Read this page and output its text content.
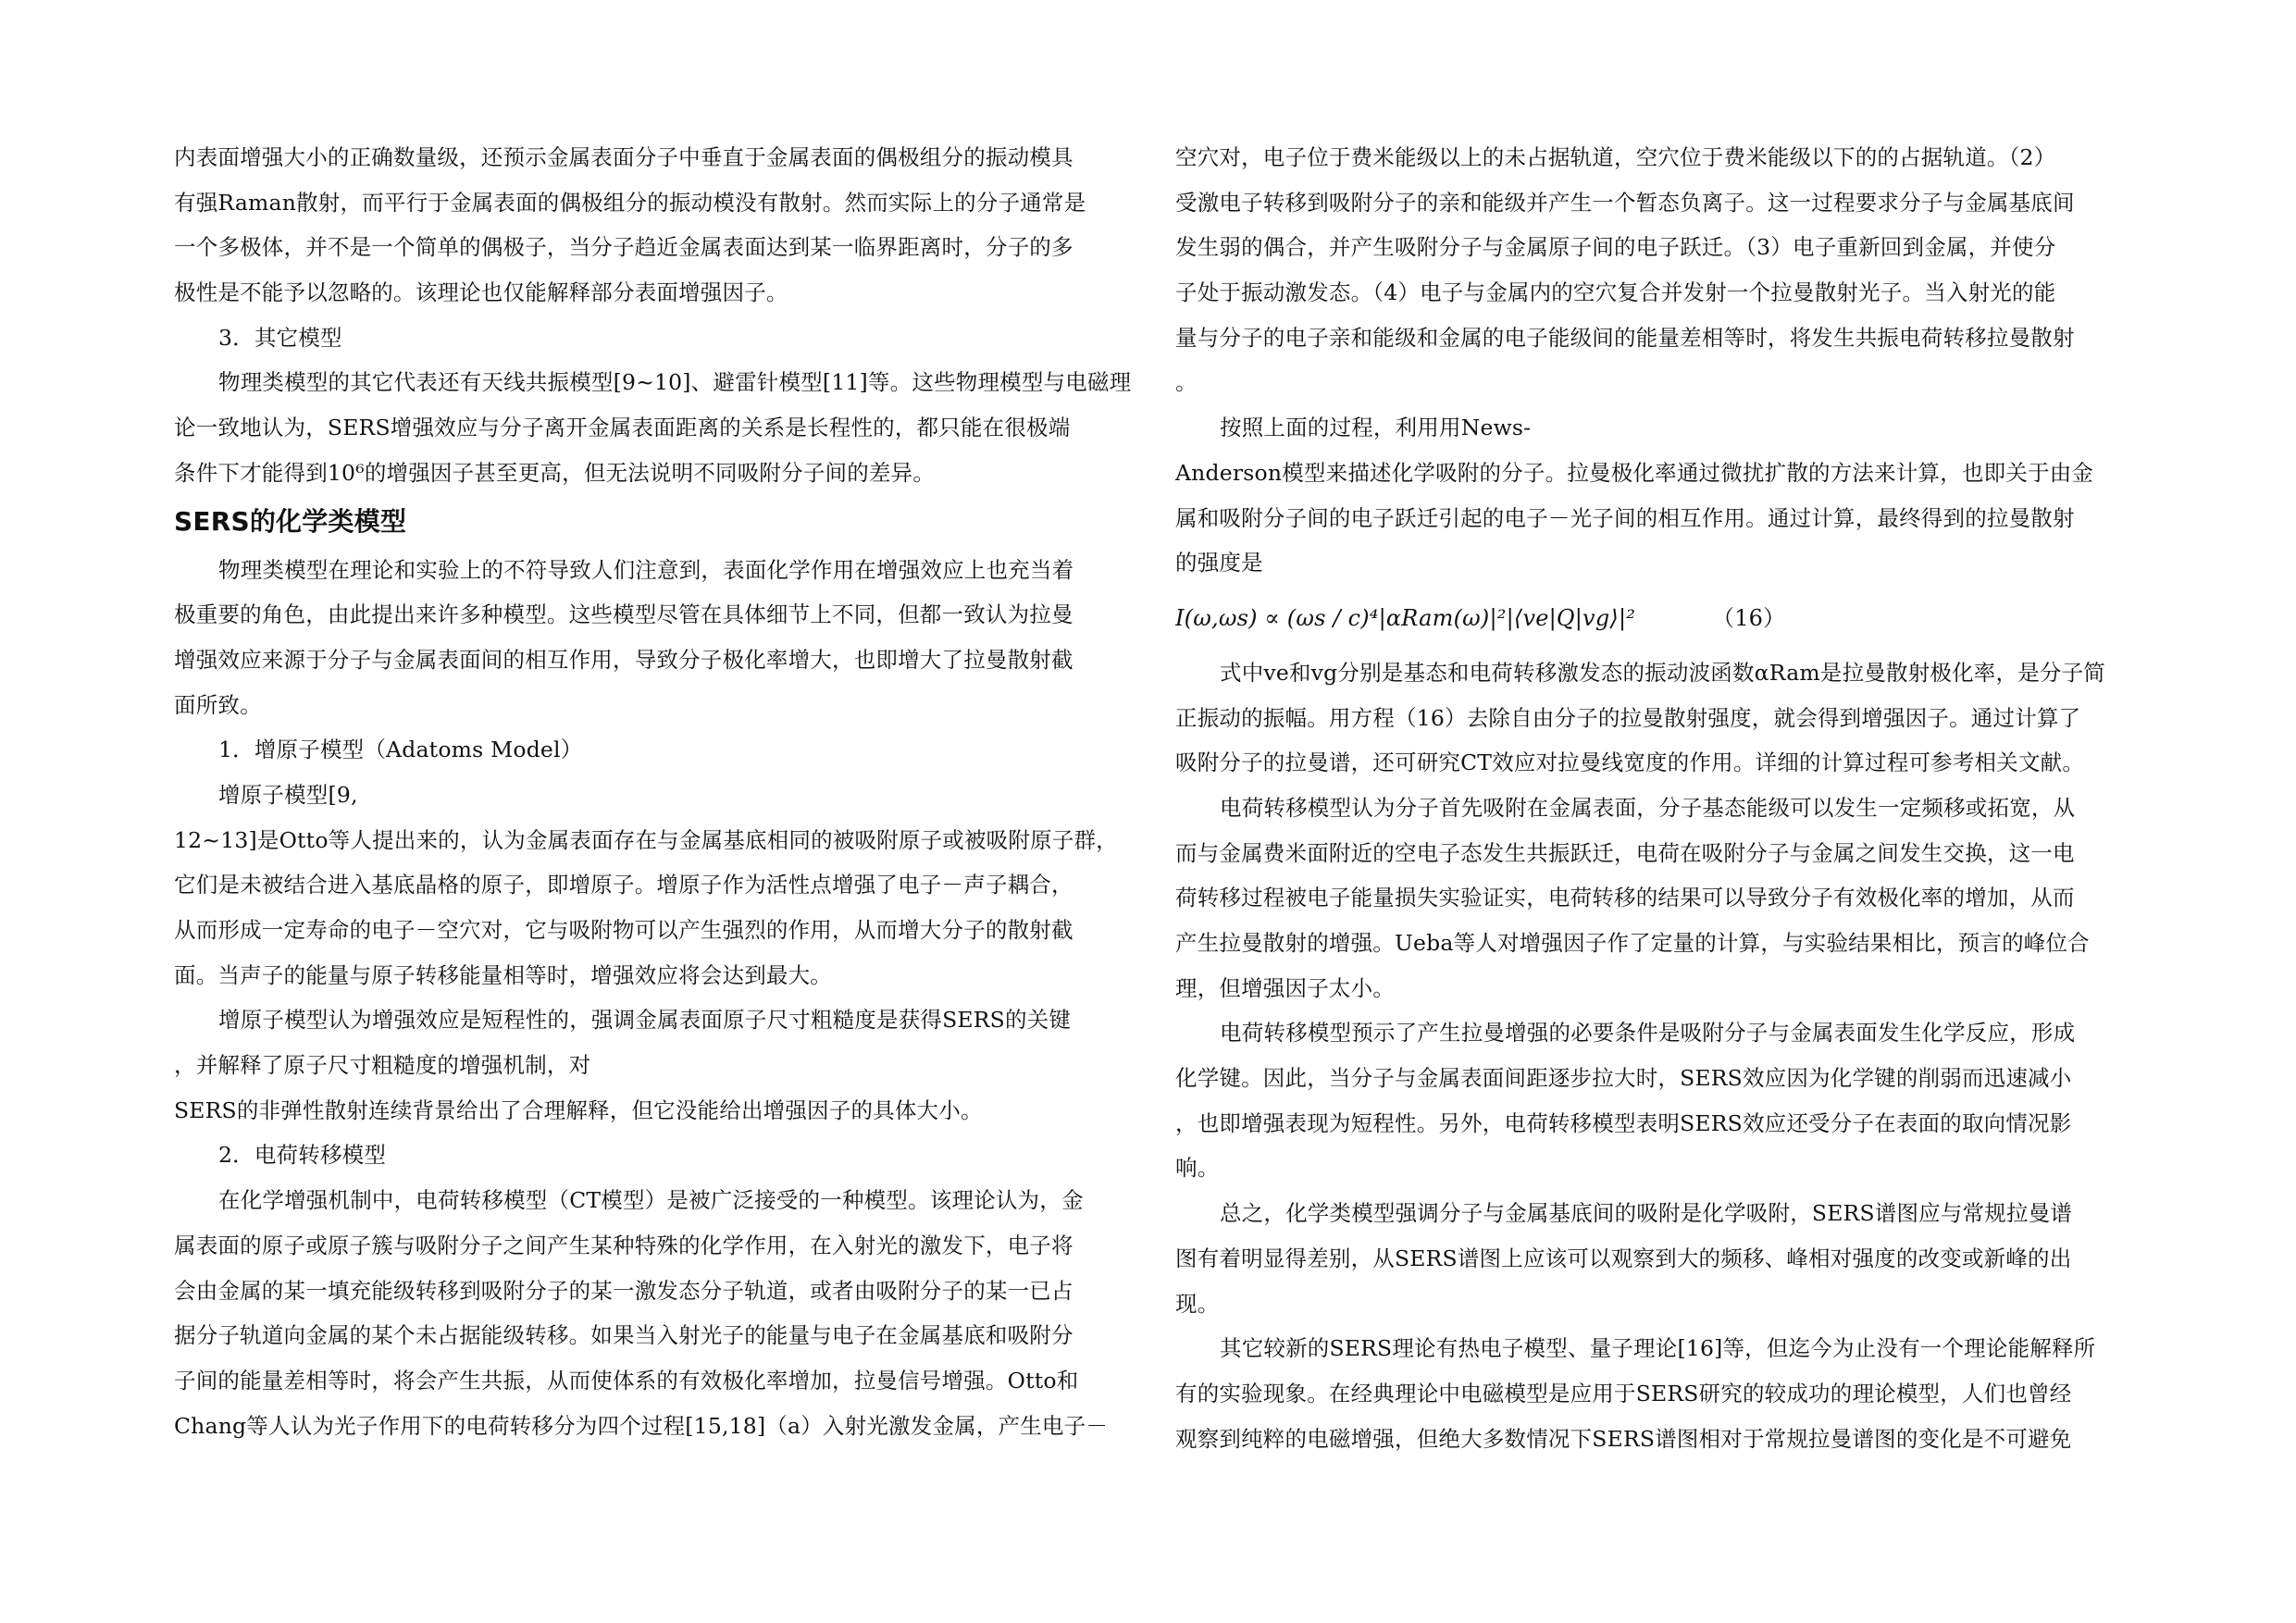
内表面增强大小的正确数量级，还预示金属表面分子中垂直于金属表面的偶极组分的振动模具
有强Raman散射，而平行于金属表面的偶极组分的振动模没有散射。然而实际上的分子通常是
一个多极体，并不是一个简单的偶极子，当分子趋近金属表面达到某一临界距离时，分子的多
极性是不能予以忽略的。该理论也仅能解释部分表面增强因子。
3．其它模型
物理类模型的其它代表还有天线共振模型[9~10]、避雷针模型[11]等。这些物理模型与电磁理
论一致地认为，SERS增强效应与分子离开金属表面距离的关系是长程性的，都只能在很极端
条件下才能得到10⁶的增强因子甚至更高，但无法说明不同吸附分子间的差异。
SERS的化学类模型
物理类模型在理论和实验上的不符导致人们注意到，表面化学作用在增强效应上也充当着
极重要的角色，由此提出来许多种模型。这些模型尽管在具体细节上不同，但都一致认为拉曼
增强效应来源于分子与金属表面间的相互作用，导致分子极化率增大，也即增大了拉曼散射截
面所致。
1．增原子模型（Adatoms Model）
增原子模型[9,
12~13]是Otto等人提出来的，认为金属表面存在与金属基底相同的被吸附原子或被吸附原子群，
它们是未被结合进入基底晶格的原子，即增原子。增原子作为活性点增强了电子－声子耦合，
从而形成一定寿命的电子－空穴对，它与吸附物可以产生强烈的作用，从而增大分子的散射截
面。当声子的能量与原子转移能量相等时，增强效应将会达到最大。
增原子模型认为增强效应是短程性的，强调金属表面原子尺寸粗糙度是获得SERS的关键
，并解释了原子尺寸粗糙度的增强机制，对
SERS的非弹性散射连续背景给出了合理解释，但它没能给出增强因子的具体大小。
2．电荷转移模型
在化学增强机制中，电荷转移模型（CT模型）是被广泛接受的一种模型。该理论认为，金
属表面的原子或原子簇与吸附分子之间产生某种特殊的化学作用，在入射光的激发下，电子将
会由金属的某一填充能级转移到吸附分子的某一激发态分子轨道，或者由吸附分子的某一已占
据分子轨道向金属的某个未占据能级转移。如果当入射光子的能量与电子在金属基底和吸附分
子间的能量差相等时，将会产生共振，从而使体系的有效极化率增加，拉曼信号增强。Otto和
Chang等人认为光子作用下的电荷转移分为四个过程[15,18]（a）入射光激发金属，产生电子－
空穴对，电子位于费米能级以上的未占据轨道，空穴位于费米能级以下的的占据轨道。（2）
受激电子转移到吸附分子的亲和能级并产生一个暂态负离子。这一过程要求分子与金属基底间
发生弱的偶合，并产生吸附分子与金属原子间的电子跃迁。（3）电子重新回到金属，并使分
子处于振动激发态。（4）电子与金属内的空穴复合并发射一个拉曼散射光子。当入射光的能
量与分子的电子亲和能级和金属的电子能级间的能量差相等时，将发生共振电荷转移拉曼散射
。
按照上面的过程，利用用News-
Anderson模型来描述化学吸附的分子。拉曼极化率通过微扰扩散的方法来计算，也即关于由金
属和吸附分子间的电子跃迁引起的电子－光子间的相互作用。通过计算，最终得到的拉曼散射
的强度是
I(ω,ωs) ∝ (ωs / c)⁴|αRam(ω)|²|⟨ve|Q|vg⟩|²	（16）
式中ve和vg分别是基态和电荷转移激发态的振动波函数αRam是拉曼散射极化率，是分子简
正振动的振幅。用方程（16）去除自由分子的拉曼散射强度，就会得到增强因子。通过计算了
吸附分子的拉曼谱，还可研究CT效应对拉曼线宽度的作用。详细的计算过程可参考相关文献。
电荷转移模型认为分子首先吸附在金属表面，分子基态能级可以发生一定频移或拓宽，从
而与金属费米面附近的空电子态发生共振跃迁，电荷在吸附分子与金属之间发生交换，这一电
荷转移过程被电子能量损失实验证实，电荷转移的结果可以导致分子有效极化率的增加，从而
产生拉曼散射的增强。Ueba等人对增强因子作了定量的计算，与实验结果相比，预言的峰位合
理，但增强因子太小。
电荷转移模型预示了产生拉曼增强的必要条件是吸附分子与金属表面发生化学反应，形成
化学键。因此，当分子与金属表面间距逐步拉大时，SERS效应因为化学键的削弱而迅速减小
，也即增强表现为短程性。另外，电荷转移模型表明SERS效应还受分子在表面的取向情况影
响。
总之，化学类模型强调分子与金属基底间的吸附是化学吸附，SERS谱图应与常规拉曼谱
图有着明显得差别，从SERS谱图上应该可以观察到大的频移、峰相对强度的改变或新峰的出
现。
其它较新的SERS理论有热电子模型、量子理论[16]等，但迄今为止没有一个理论能解释所
有的实验现象。在经典理论中电磁模型是应用于SERS研究的较成功的理论模型，人们也曾经
观察到纯粹的电磁增强，但绝大多数情况下SERS谱图相对于常规拉曼谱图的变化是不可避免
